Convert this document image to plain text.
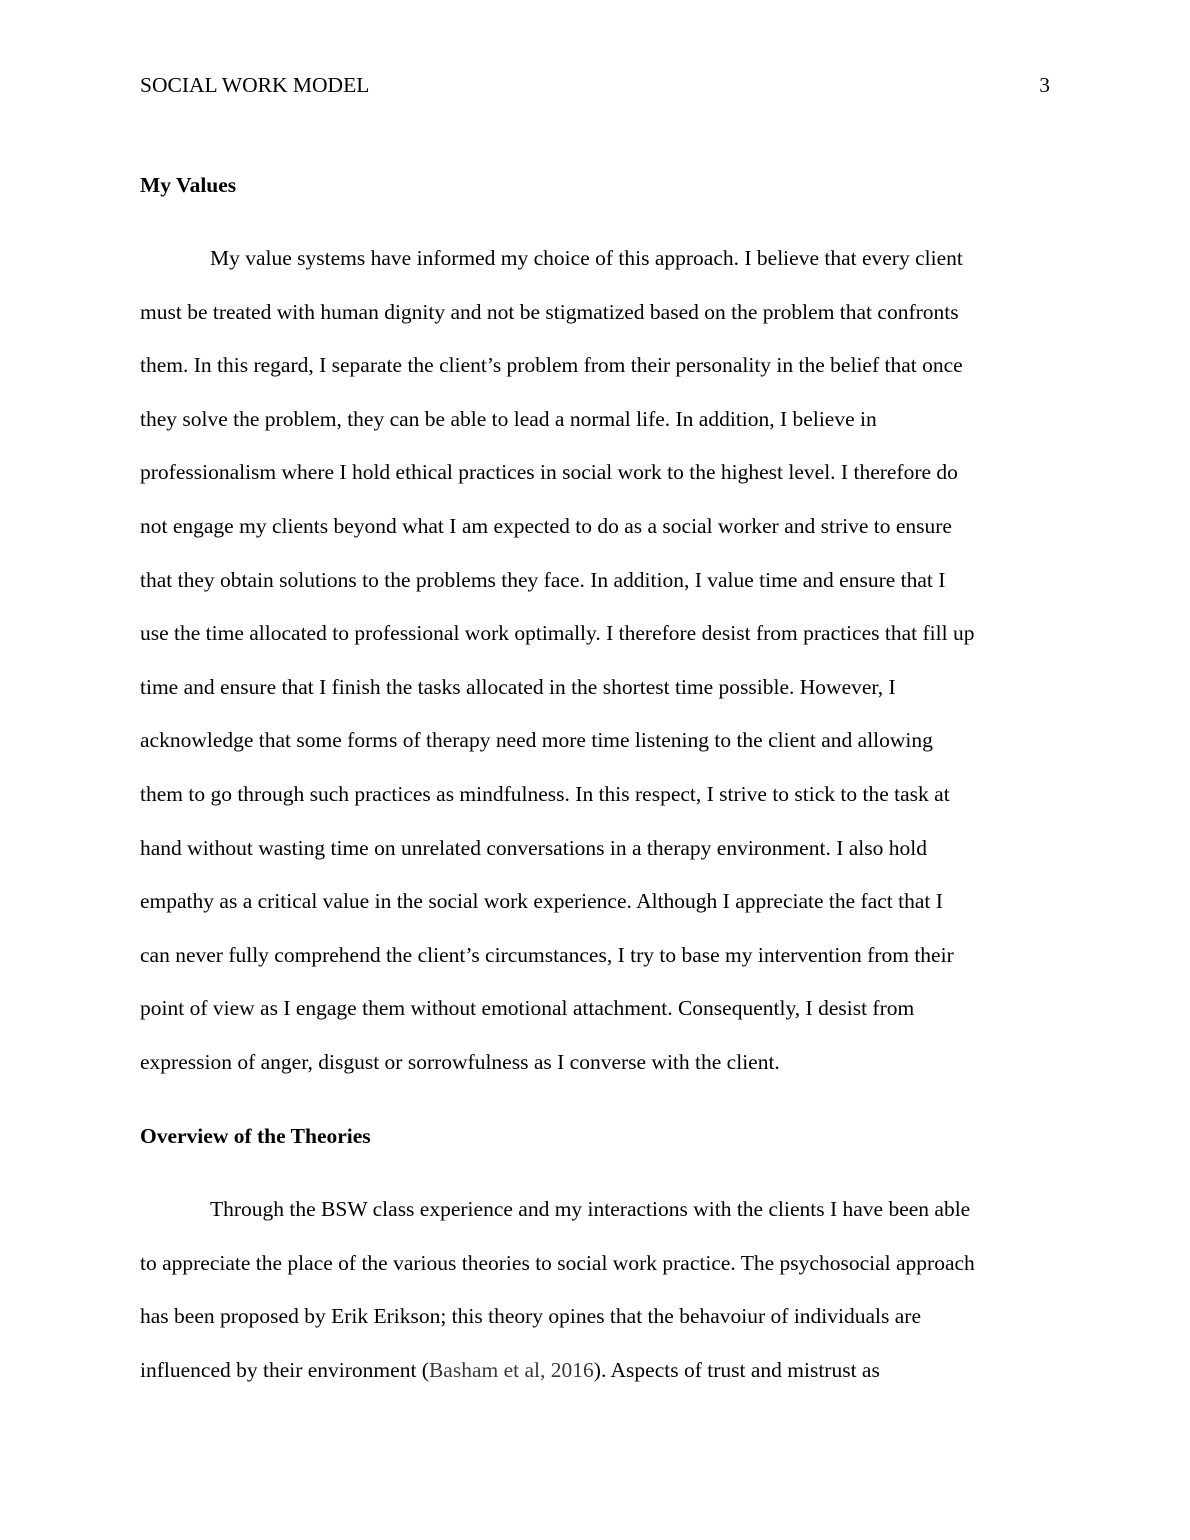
SOCIAL WORK MODEL	3
My Values
My value systems have informed my choice of this approach. I believe that every client
must be treated with human dignity and not be stigmatized based on the problem that confronts
them. In this regard, I separate the client’s problem from their personality in the belief that once
they solve the problem, they can be able to lead a normal life. In addition, I believe in
professionalism where I hold ethical practices in social work to the highest level. I therefore do
not engage my clients beyond what I am expected to do as a social worker and strive to ensure
that they obtain solutions to the problems they face. In addition, I value time and ensure that I
use the time allocated to professional work optimally. I therefore desist from practices that fill up
time and ensure that I finish the tasks allocated in the shortest time possible. However, I
acknowledge that some forms of therapy need more time listening to the client and allowing
them to go through such practices as mindfulness. In this respect, I strive to stick to the task at
hand without wasting time on unrelated conversations in a therapy environment. I also hold
empathy as a critical value in the social work experience. Although I appreciate the fact that I
can never fully comprehend the client’s circumstances, I try to base my intervention from their
point of view as I engage them without emotional attachment. Consequently, I desist from
expression of anger, disgust or sorrowfulness as I converse with the client.
Overview of the Theories
Through the BSW class experience and my interactions with the clients I have been able
to appreciate the place of the various theories to social work practice. The psychosocial approach
has been proposed by Erik Erikson; this theory opines that the behavoiur of individuals are
influenced by their environment (Basham et al, 2016). Aspects of trust and mistrust as
